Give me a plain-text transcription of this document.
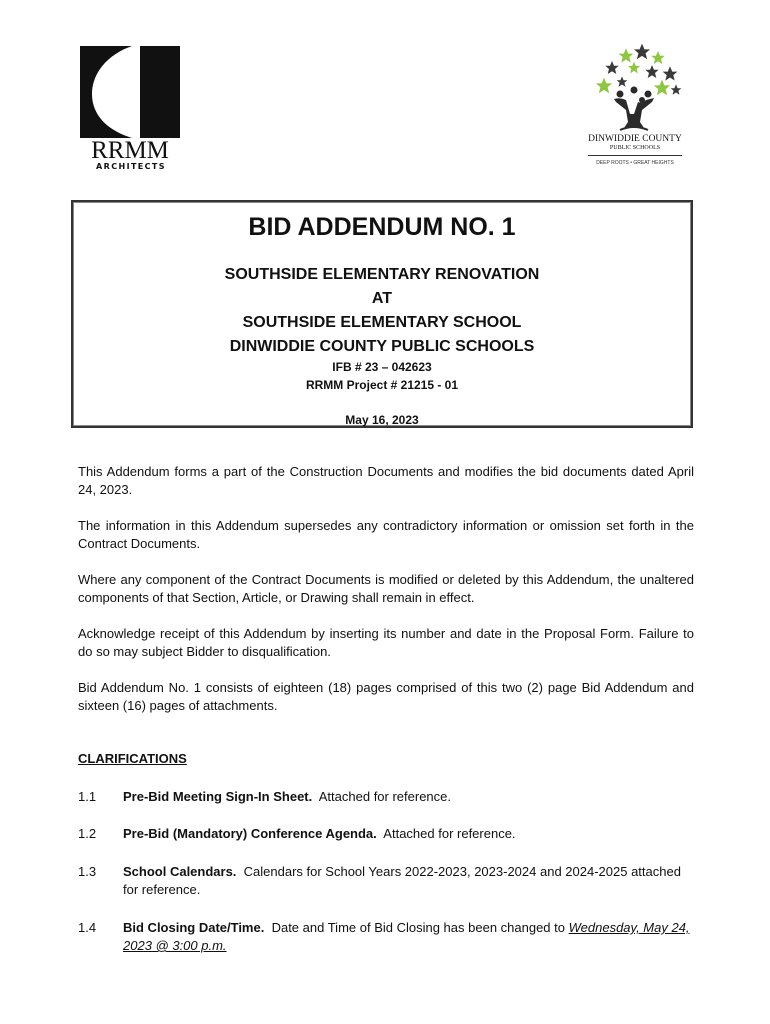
RRMM
ARCHITECTS
DINWIDDIE COUNTY
PUBLIC SCHOOLS
DEEP ROOTS • GREAT HEIGHTS
BID ADDENDUM NO. 1
SOUTHSIDE ELEMENTARY RENOVATION
AT
SOUTHSIDE ELEMENTARY SCHOOL
DINWIDDIE COUNTY PUBLIC SCHOOLS
IFB # 23 – 042623
RRMM Project # 21215 - 01
May 16, 2023

This Addendum forms a part of the Construction Documents and modifies the bid documents dated April 24, 2023.

The information in this Addendum supersedes any contradictory information or omission set forth in the Contract Documents.

Where any component of the Contract Documents is modified or deleted by this Addendum, the unaltered components of that Section, Article, or Drawing shall remain in effect.

Acknowledge receipt of this Addendum by inserting its number and date in the Proposal Form. Failure to do so may subject Bidder to disqualification.

Bid Addendum No. 1 consists of eighteen (18) pages comprised of this two (2) page Bid Addendum and sixteen (16) pages of attachments.

CLARIFICATIONS
1.1 Pre-Bid Meeting Sign-In Sheet. Attached for reference.
1.2 Pre-Bid (Mandatory) Conference Agenda. Attached for reference.
1.3 School Calendars. Calendars for School Years 2022-2023, 2023-2024 and 2024-2025 attached for reference.
1.4 Bid Closing Date/Time. Date and Time of Bid Closing has been changed to Wednesday, May 24, 2023 @ 3:00 p.m.
